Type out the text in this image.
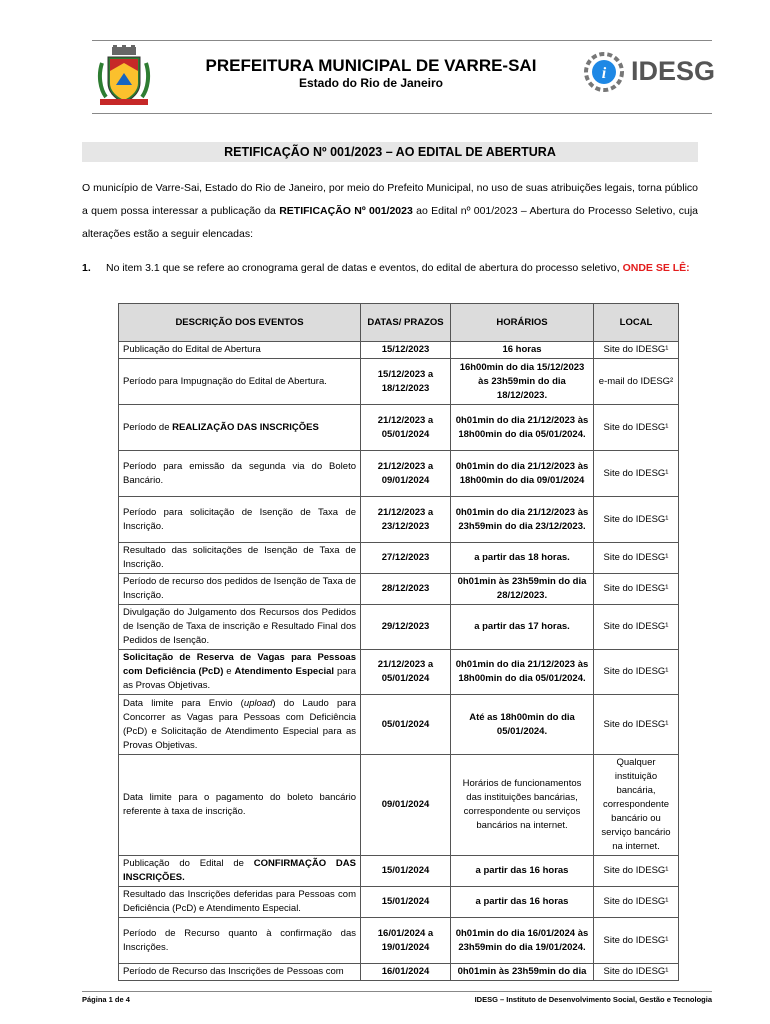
PREFEITURA MUNICIPAL DE VARRE-SAI
Estado do Rio de Janeiro
i IDESG
RETIFICAÇÃO Nº 001/2023 – AO EDITAL DE ABERTURA
O município de Varre-Sai, Estado do Rio de Janeiro, por meio do Prefeito Municipal, no uso de suas atribuições legais, torna público a quem possa interessar a publicação da RETIFICAÇÃO Nº 001/2023 ao Edital nº 001/2023 – Abertura do Processo Seletivo, cuja alterações estão a seguir elencadas:
1. No item 3.1 que se refere ao cronograma geral de datas e eventos, do edital de abertura do processo seletivo, ONDE SE LÊ:
DESCRIÇÃO DOS EVENTOS	DATAS/ PRAZOS	HORÁRIOS	LOCAL
Publicação do Edital de Abertura	15/12/2023	16 horas	Site do IDESG¹
Período para Impugnação do Edital de Abertura.	15/12/2023 a 18/12/2023	16h00min do dia 15/12/2023 às 23h59min do dia 18/12/2023.	e-mail do IDESG²
Período de REALIZAÇÃO DAS INSCRIÇÕES	21/12/2023 a 05/01/2024	0h01min do dia 21/12/2023 às 18h00min do dia 05/01/2024.	Site do IDESG¹
Período para emissão da segunda via do Boleto Bancário.	21/12/2023 a 09/01/2024	0h01min do dia 21/12/2023 às 18h00min do dia 09/01/2024	Site do IDESG¹
Período para solicitação de Isenção de Taxa de Inscrição.	21/12/2023 a 23/12/2023	0h01min do dia 21/12/2023 às 23h59min do dia 23/12/2023.	Site do IDESG¹
Resultado das solicitações de Isenção de Taxa de Inscrição.	27/12/2023	a partir das 18 horas.	Site do IDESG¹
Período de recurso dos pedidos de Isenção de Taxa de Inscrição.	28/12/2023	0h01min às 23h59min do dia 28/12/2023.	Site do IDESG¹
Divulgação do Julgamento dos Recursos dos Pedidos de Isenção de Taxa de inscrição e Resultado Final dos Pedidos de Isenção.	29/12/2023	a partir das 17 horas.	Site do IDESG¹
Solicitação de Reserva de Vagas para Pessoas com Deficiência (PcD) e Atendimento Especial para as Provas Objetivas.	21/12/2023 a 05/01/2024	0h01min do dia 21/12/2023 às 18h00min do dia 05/01/2024.	Site do IDESG¹
Data limite para Envio (upload) do Laudo para Concorrer as Vagas para Pessoas com Deficiência (PcD) e Solicitação de Atendimento Especial para as Provas Objetivas.	05/01/2024	Até as 18h00min do dia 05/01/2024.	Site do IDESG¹
Data limite para o pagamento do boleto bancário referente à taxa de inscrição.	09/01/2024	Horários de funcionamentos das instituições bancárias, correspondente ou serviços bancários na internet.	Qualquer instituição bancária, correspondente bancário ou serviço bancário na internet.
Publicação do Edital de CONFIRMAÇÃO DAS INSCRIÇÕES.	15/01/2024	a partir das 16 horas	Site do IDESG¹
Resultado das Inscrições deferidas para Pessoas com Deficiência (PcD) e Atendimento Especial.	15/01/2024	a partir das 16 horas	Site do IDESG¹
Período de Recurso quanto à confirmação das Inscrições.	16/01/2024 a 19/01/2024	0h01min do dia 16/01/2024 às 23h59min do dia 19/01/2024.	Site do IDESG¹
Período de Recurso das Inscrições de Pessoas com	16/01/2024	0h01min às 23h59min do dia	Site do IDESG¹
Página 1 de 4	IDESG – Instituto de Desenvolvimento Social, Gestão e Tecnologia
